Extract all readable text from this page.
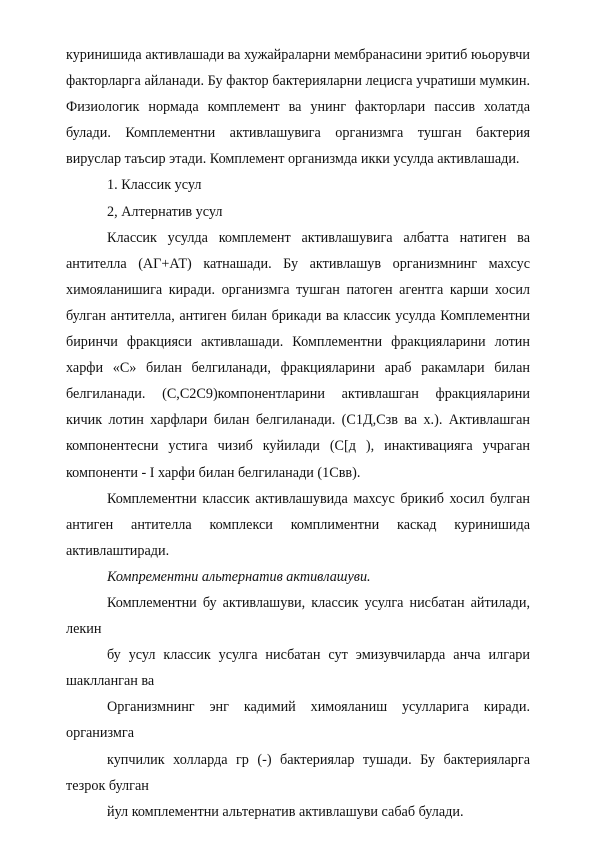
куринишида активлашади ва хужайраларни мембранасини эритиб юьорувчи факторларга айланади. Бу фактор бактерияларни лецисга учратиши мумкин. Физиологик нормада комплемент ва унинг факторлари пассив холатда булади. Комплементни активлашувига организмга тушган бактерия вируслар таъсир этади. Комплемент организмда икки усулда активлашади.

1. Классик усул

2, Алтернатив усул

Классик усулда комплемент активлашувига албатта натиген ва антителла (АГ+АТ) катнашади. Бу активлашув организмнинг махсус химояланишига киради. организмга тушган патоген агентга карши хосил булган антителла, антиген билан брикади ва классик усулда Комплементни биринчи фракцияси активлашади. Комплементни фракцияларини лотин харфи «С» билан белгиланади, фракцияларини араб ракамлари билан белгиланади. (С,С2С9)компонентларини активлашган фракцияларини кичик лотин харфлари билан белгиланади. (С1Д,Сзв ва х.). Активлашган компонентесни устига чизиб куйилади (С[д ), инактивацияга учраган компоненти - I харфи билан белгиланади (1Свв).

Комплементни классик активлашувида махсус брикиб хосил булган антиген антителла комплекси комплиментни каскад куринишида активлаштиради.

Компрементни альтернатив активлашуви.

Комплементни бу активлашуви, классик усулга нисбатан айтилади, лекин

бу усул классик усулга нисбатан сут эмизувчиларда анча илгари шаклланган ва

Организмнинг энг кадимий химояланиш усулларига киради. организмга

купчилик холларда гр (-) бактериялар тушади. Бу бактерияларга тезрок булган

йул комплементни альтернатив активлашуви сабаб булади.
